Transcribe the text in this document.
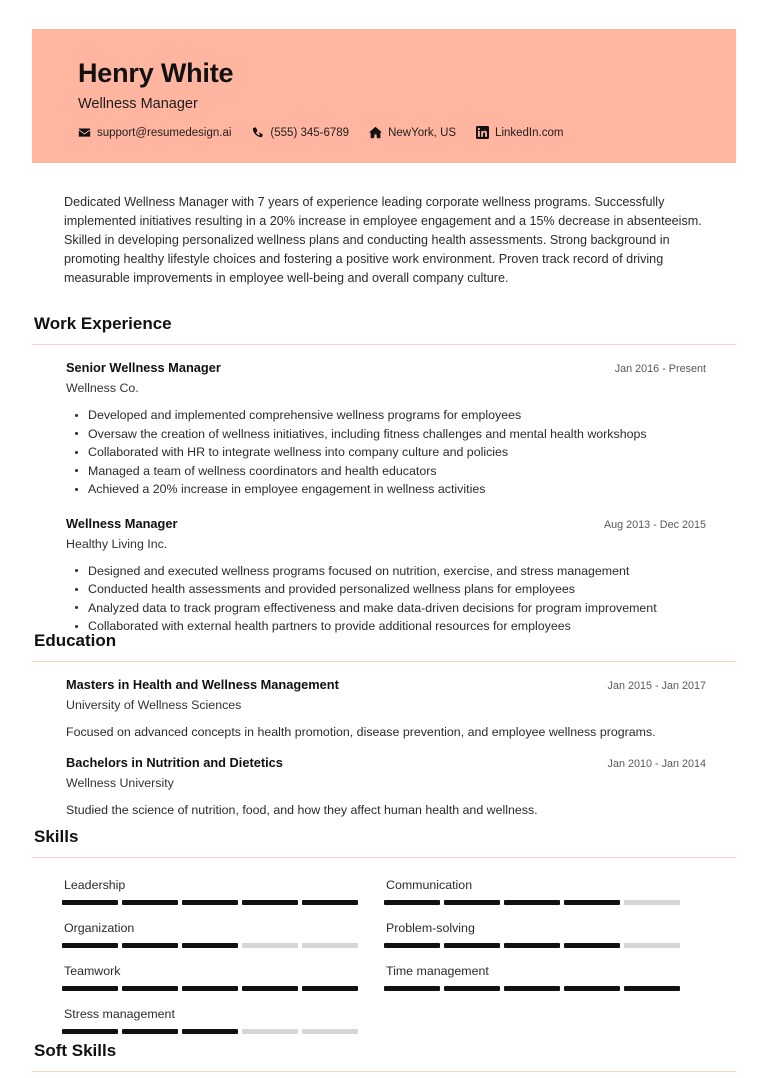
Henry White
Wellness Manager
support@resumedesign.ai	(555) 345-6789	NewYork, US	LinkedIn.com
Dedicated Wellness Manager with 7 years of experience leading corporate wellness programs. Successfully implemented initiatives resulting in a 20% increase in employee engagement and a 15% decrease in absenteeism. Skilled in developing personalized wellness plans and conducting health assessments. Strong background in promoting healthy lifestyle choices and fostering a positive work environment. Proven track record of driving measurable improvements in employee well-being and overall company culture.
Work Experience
Senior Wellness Manager	Jan 2016 - Present
Wellness Co.
Developed and implemented comprehensive wellness programs for employees
Oversaw the creation of wellness initiatives, including fitness challenges and mental health workshops
Collaborated with HR to integrate wellness into company culture and policies
Managed a team of wellness coordinators and health educators
Achieved a 20% increase in employee engagement in wellness activities
Wellness Manager	Aug 2013 - Dec 2015
Healthy Living Inc.
Designed and executed wellness programs focused on nutrition, exercise, and stress management
Conducted health assessments and provided personalized wellness plans for employees
Analyzed data to track program effectiveness and make data-driven decisions for program improvement
Collaborated with external health partners to provide additional resources for employees
Education
Masters in Health and Wellness Management	Jan 2015 - Jan 2017
University of Wellness Sciences
Focused on advanced concepts in health promotion, disease prevention, and employee wellness programs.
Bachelors in Nutrition and Dietetics	Jan 2010 - Jan 2014
Wellness University
Studied the science of nutrition, food, and how they affect human health and wellness.
Skills
Leadership	Communication
Organization	Problem-solving
Teamwork	Time management
Stress management
Soft Skills
